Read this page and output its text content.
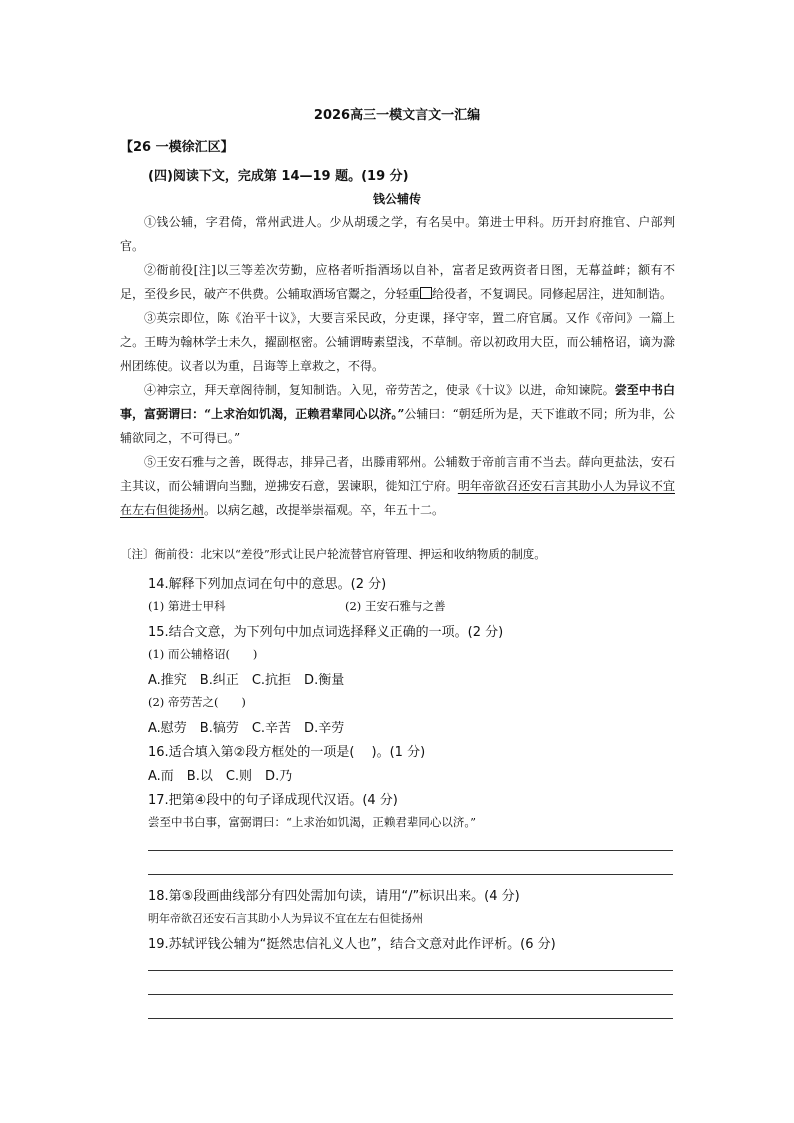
2026高三一模文言文一汇编
【26 一模徐汇区】
(四)阅读下文，完成第 14—19 题。(19 分)
钱公辅传

①钱公辅，字君倚，常州武进人。少从胡瑗之学，有名吴中。第进士甲科。历开封府推官、户部判官。

②衙前役[注]以三等差次劳勤，应格者听指酒场以自补，富者足致两资者日图，无幕益衅；额有不足，至役乡民，破产不供费。公辅取酒场官鬻之，分轻重 给役者，不复调民。同修起居注，进知制诰。

③英宗即位，陈《治平十议》，大要言采民政，分吏课，择守宰，置二府官属。又作《帝问》一篇上之。王畴为翰林学士未久，擢副枢密。公辅谓畴素望浅，不草制。帝以初政用大臣，而公辅格诏，谪为滁州团练使。议者以为重，吕诲等上章救之，不得。

④神宗立，拜天章阁待制，复知制诰。入见，帝劳苦之，使录《十议》以进，命知谏院。尝至中书白事，富弼谓曰：“上求治如饥渴，正赖君辈同心以济。”公辅曰：“朝廷所为是，天下谁敢不同；所为非，公辅欲同之，不可得已。”

⑤王安石雅与之善，既得志，排异己者，出滕甫郓州。公辅数于帝前言甫不当去。薛向更盐法，安石主其议，而公辅谓向当黜，逆拂安石意，罢谏职，徙知江宁府。明年帝欲召还安石言其助小人为异议不宜在左右但徙扬州。以病乞越，改提举崇福观。卒，年五十二。

〔注〕衙前役：北宋以“差役”形式让民户轮流替官府管理、押运和收纳物质的制度。
14.解释下列加点词在句中的意思。(2 分)
(1) 第进士甲科	(2) 王安石雅与之善
15.结合文意，为下列句中加点词选择释义正确的一项。(2 分)
(1) 而公辅格诏(　　)
A.推究　B.纠正　C.抗拒　D.衡量
(2) 帝劳苦之(　　)
A.慰劳　B.犒劳　C.辛苦　D.辛劳
16.适合填入第②段方框处的一项是(　 )。(1 分)
A.而　B.以　C.则　D.乃
17.把第④段中的句子译成现代汉语。(4 分)
尝至中书白事，富弼谓曰：“上求治如饥渴，正赖君辈同心以济。”
18.第⑤段画曲线部分有四处需加句读，请用“/”标识出来。(4 分)
明年帝欲召还安石言其助小人为异议不宜在左右但徙扬州
19.苏轼评钱公辅为“挺然忠信礼义人也”，结合文意对此作评析。(6 分)
